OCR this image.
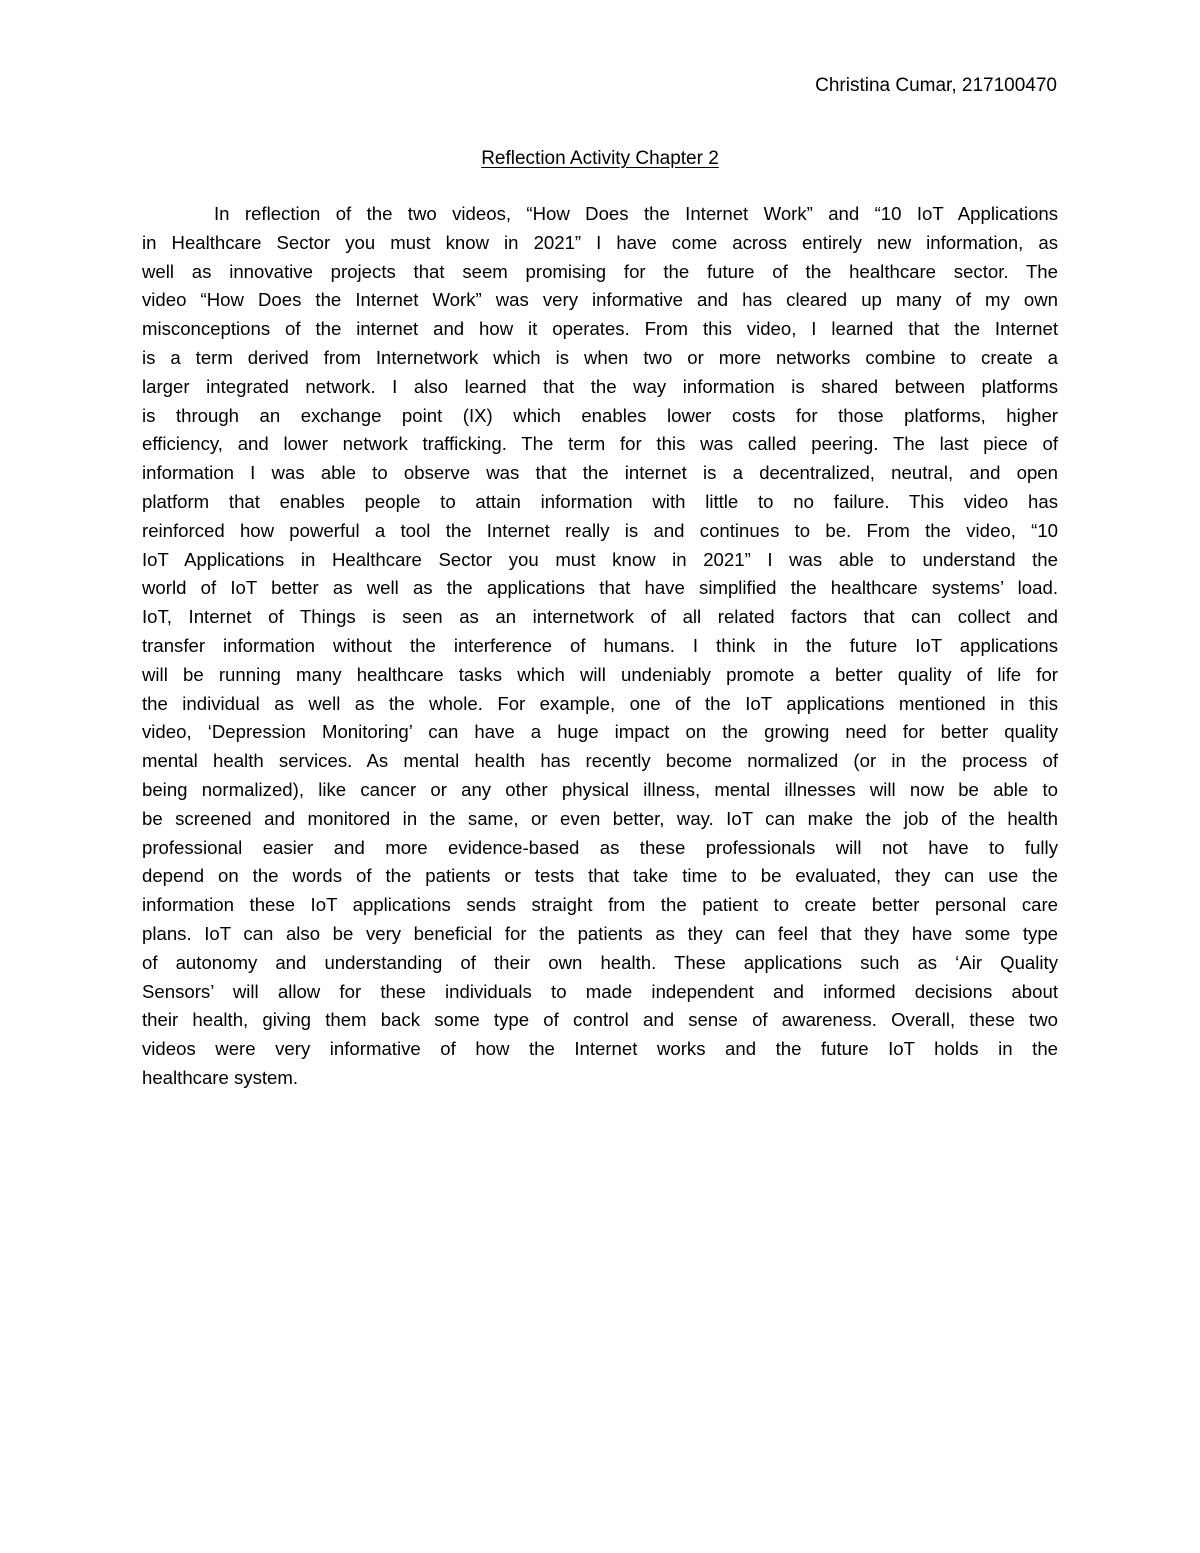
Christina Cumar, 217100470
Reflection Activity Chapter 2
In reflection of the two videos, “How Does the Internet Work” and “10 IoT Applications
in Healthcare Sector you must know in 2021” I have come across entirely new information, as
well as innovative projects that seem promising for the future of the healthcare sector. The
video “How Does the Internet Work” was very informative and has cleared up many of my own
misconceptions of the internet and how it operates. From this video, I learned that the Internet
is a term derived from Internetwork which is when two or more networks combine to create a
larger integrated network. I also learned that the way information is shared between platforms
is through an exchange point (IX) which enables lower costs for those platforms, higher
efficiency, and lower network trafficking. The term for this was called peering. The last piece of
information I was able to observe was that the internet is a decentralized, neutral, and open
platform that enables people to attain information with little to no failure. This video has
reinforced how powerful a tool the Internet really is and continues to be. From the video, “10
IoT Applications in Healthcare Sector you must know in 2021” I was able to understand the
world of IoT better as well as the applications that have simplified the healthcare systems’ load.
IoT, Internet of Things is seen as an internetwork of all related factors that can collect and
transfer information without the interference of humans. I think in the future IoT applications
will be running many healthcare tasks which will undeniably promote a better quality of life for
the individual as well as the whole. For example, one of the IoT applications mentioned in this
video, ‘Depression Monitoring’ can have a huge impact on the growing need for better quality
mental health services. As mental health has recently become normalized (or in the process of
being normalized), like cancer or any other physical illness, mental illnesses will now be able to
be screened and monitored in the same, or even better, way. IoT can make the job of the health
professional easier and more evidence-based as these professionals will not have to fully
depend on the words of the patients or tests that take time to be evaluated, they can use the
information these IoT applications sends straight from the patient to create better personal care
plans. IoT can also be very beneficial for the patients as they can feel that they have some type
of autonomy and understanding of their own health. These applications such as ‘Air Quality
Sensors’ will allow for these individuals to made independent and informed decisions about
their health, giving them back some type of control and sense of awareness. Overall, these two
videos were very informative of how the Internet works and the future IoT holds in the
healthcare system.
